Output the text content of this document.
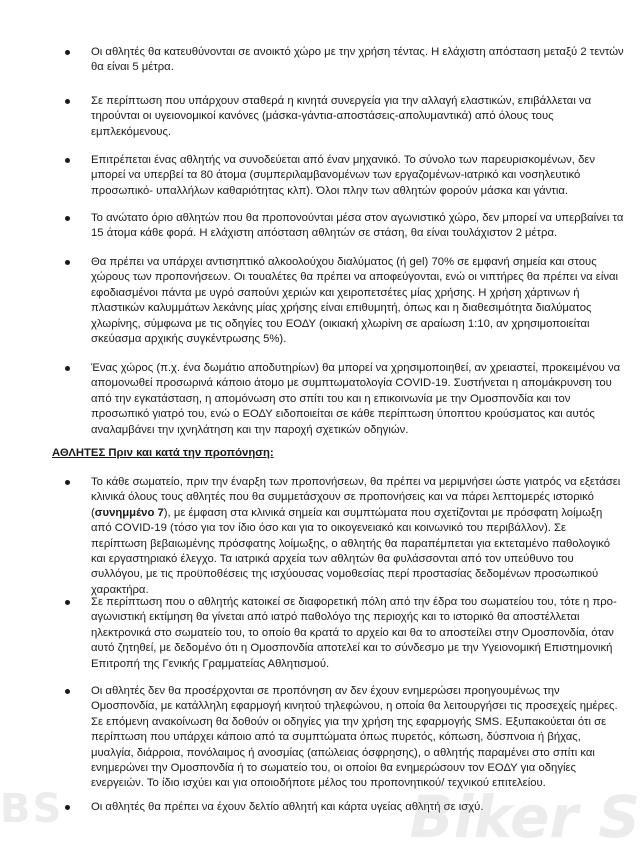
Οι αθλητές θα κατευθύνονται σε ανοικτό χώρο με την χρήση τέντας. Η ελάχιστη απόσταση μεταξύ 2 τεντών θα είναι 5 μέτρα.

Σε περίπτωση που υπάρχουν σταθερά η κινητά συνεργεία για την αλλαγή ελαστικών, επιβάλλεται να τηρούνται οι υγειονομικοί κανόνες (μάσκα-γάντια-αποστάσεις-απολυμαντικά) από όλους τους εμπλεκόμενους.

Επιτρέπεται ένας αθλητής να συνοδεύεται από έναν μηχανικό. Το σύνολο των παρευρισκομένων, δεν μπορεί να υπερβεί τα 80 άτομα (συμπεριλαμβανομένων των εργαζομένων-ιατρικό και νοσηλευτικό προσωπικό- υπαλλήλων καθαριότητας κλπ). Όλοι πλην των αθλητών φορούν μάσκα και γάντια.

Το ανώτατο όριο αθλητών που θα προπονούνται μέσα στον αγωνιστικό χώρο, δεν μπορεί να υπερβαίνει τα 15 άτομα κάθε φορά. Η ελάχιστη απόσταση αθλητών σε στάση, θα είναι τουλάχιστον 2 μέτρα.

Θα πρέπει να υπάρχει αντισηπτικό αλκοολούχου διαλύματος (ή gel) 70% σε εμφανή σημεία και στους χώρους των προπονήσεων. Οι τουαλέτες θα πρέπει να αποφεύγονται, ενώ οι νιπτήρες θα πρέπει να είναι εφοδιασμένοι πάντα με υγρό σαπούνι χεριών και χειροπετσέτες μίας χρήσης. Η χρήση χάρτινων ή πλαστικών καλυμμάτων λεκάνης μίας χρήσης είναι επιθυμητή, όπως και η διαθεσιμότητα διαλύματος χλωρίνης, σύμφωνα με τις οδηγίες του ΕΟΔΥ (οικιακή χλωρίνη σε αραίωση 1:10, αν χρησιμοποιείται σκεύασμα αρχικής συγκέντρωσης 5%).

Ένας χώρος (π.χ. ένα δωμάτιο αποδυτηρίων) θα μπορεί να χρησιμοποιηθεί, αν χρειαστεί, προκειμένου να απομονωθεί προσωρινά κάποιο άτομο με συμπτωματολογία COVID-19. Συστήνεται η απομάκρυνση του από την εγκατάσταση, η απομόνωση στο σπίτι του και η επικοινωνία με την Ομοσπονδία και τον προσωπικό γιατρό του, ενώ ο ΕΟΔΥ ειδοποιείται σε κάθε περίπτωση ύποπτου κρούσματος και αυτός αναλαμβάνει την ιχνηλάτηση και την παροχή σχετικών οδηγιών.

ΑΘΛΗΤΕΣ Πριν και κατά την προπόνηση:

Το κάθε σωματείο, πριν την έναρξη των προπονήσεων, θα πρέπει να μεριμνήσει ώστε γιατρός να εξετάσει κλινικά όλους τους αθλητές που θα συμμετάσχουν σε προπονήσεις και να πάρει λεπτομερές ιστορικό (συνημμένο 7), με έμφαση στα κλινικά σημεία και συμπτώματα που σχετίζονται με πρόσφατη λοίμωξη από COVID-19 (τόσο για τον ίδιο όσο και για το οικογενειακό και κοινωνικό του περιβάλλον). Σε περίπτωση βεβαιωμένης πρόσφατης λοίμωξης, ο αθλητής θα παραπέμπεται για εκτεταμένο παθολογικό και εργαστηριακό έλεγχο. Τα ιατρικά αρχεία των αθλητών θα φυλάσσονται από τον υπεύθυνο του συλλόγου, με τις προϋποθέσεις της ισχύουσας νομοθεσίας περί προστασίας δεδομένων προσωπικού χαρακτήρα.

Σε περίπτωση που ο αθλητής κατοικεί σε διαφορετική πόλη από την έδρα του σωματείου του, τότε η προ-αγωνιστική εκτίμηση θα γίνεται από ιατρό παθολόγο της περιοχής και το ιστορικό θα αποστέλλεται ηλεκτρονικά στο σωματείο του, το οποίο θα κρατά το αρχείο και θα το αποστείλει στην Ομοσπονδία, όταν αυτό ζητηθεί, με δεδομένο ότι η Ομοσπονδία αποτελεί και το σύνδεσμο με την Υγειονομική Επιστημονική Επιτροπή της Γενικής Γραμματείας Αθλητισμού.

Οι αθλητές δεν θα προσέρχονται σε προπόνηση αν δεν έχουν ενημερώσει προηγουμένως την Ομοσπονδία, με κατάλληλη εφαρμογή κινητού τηλεφώνου, η οποία θα λειτουργήσει τις προσεχείς ημέρες. Σε επόμενη ανακοίνωση θα δοθούν οι οδηγίες για την χρήση της εφαρμογής SMS. Εξυπακούεται ότι σε περίπτωση που υπάρχει κάποιο από τα συμπτώματα όπως πυρετός, κόπωση, δύσπνοια ή βήχας, μυαλγία, διάρροια, πονόλαιμος ή ανοσμίας (απώλειας όσφρησης), ο αθλητής παραμένει στο σπίτι και ενημερώνει την Ομοσπονδία ή το σωματείο του, οι οποίοι θα ενημερώσουν τον ΕΟΔΥ για οδηγίες ενεργειών. Το ίδιο ισχύει και για οποιοδήποτε μέλος του προπονητικού/ τεχνικού επιτελείου.

Οι αθλητές θα πρέπει να έχουν δελτίο αθλητή και κάρτα υγείας αθλητή σε ισχύ.

BS	Biker S
